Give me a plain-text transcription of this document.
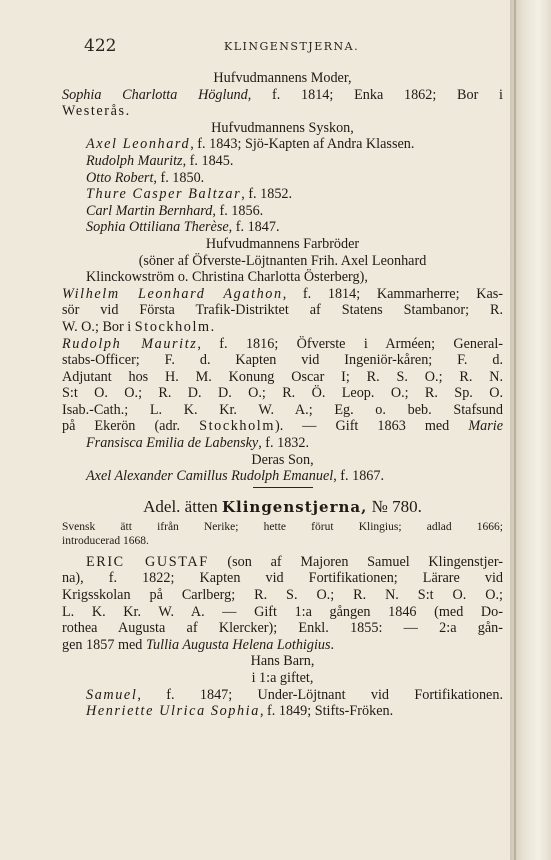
422	KLINGENSTJERNA.
Hufvudmannens Moder,
Sophia Charlotta Höglund, f. 1814; Enka 1862; Bor i
Westerås.
Hufvudmannens Syskon,
Axel Leonhard, f. 1843; Sjö-Kapten af Andra Klassen.
Rudolph Mauritz, f. 1845.
Otto Robert, f. 1850.
Thure Casper Baltzar, f. 1852.
Carl Martin Bernhard, f. 1856.
Sophia Ottiliana Therèse, f. 1847.
Hufvudmannens Farbröder
(söner af Öfverste-Löjtnanten Frih. Axel Leonhard
Klinckowström o. Christina Charlotta Österberg),
Wilhelm Leonhard Agathon, f. 1814; Kammarherre; Kas-
sör vid Första Trafik-Distriktet af Statens Stambanor; R.
W. O.; Bor i Stockholm.
Rudolph Mauritz, f. 1816; Öfverste i Arméen; General-
stabs-Officer; F. d. Kapten vid Ingeniör-kåren; F. d.
Adjutant hos H. M. Konung Oscar I; R. S. O.; R. N.
S:t O. O.; R. D. D. O.; R. Ö. Leop. O.; R. Sp. O.
Isab.-Cath.; L. K. Kr. W. A.; Eg. o. beb. Stafsund
på Ekerön (adr. Stockholm). — Gift 1863 med Marie
Fransisca Emilia de Labensky, f. 1832.
Deras Son,
Axel Alexander Camillus Rudolph Emanuel, f. 1867.
Adel. ätten Klingenstjerna, № 780.
Svensk ätt ifrån Nerike; hette förut Klingius; adlad 1666;
introducerad 1668.
ERIC GUSTAF (son af Majoren Samuel Klingenstjer-
na), f. 1822; Kapten vid Fortifikationen; Lärare vid
Krigsskolan på Carlberg; R. S. O.; R. N. S:t O. O.;
L. K. Kr. W. A. — Gift 1:a gången 1846 (med Do-
rothea Augusta af Klercker); Enkl. 1855: — 2:a gån-
gen 1857 med Tullia Augusta Helena Lothigius.
Hans Barn,
i 1:a giftet,
Samuel, f. 1847; Under-Löjtnant vid Fortifikationen.
Henriette Ulrica Sophia, f. 1849; Stifts-Fröken.
